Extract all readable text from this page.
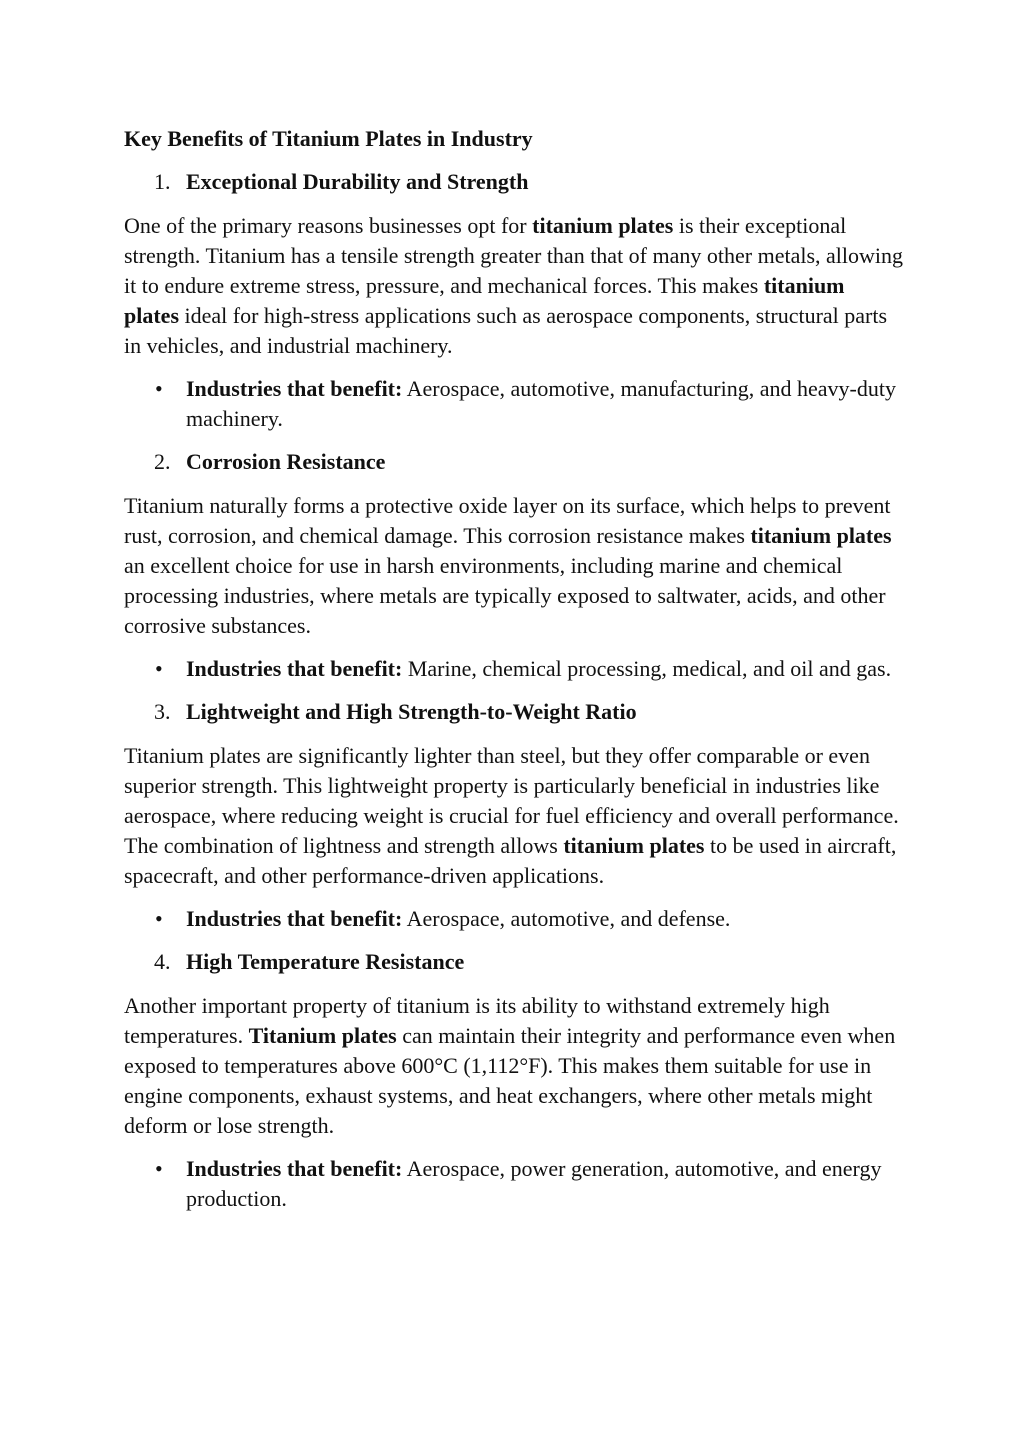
Key Benefits of Titanium Plates in Industry
1. Exceptional Durability and Strength
One of the primary reasons businesses opt for titanium plates is their exceptional strength. Titanium has a tensile strength greater than that of many other metals, allowing it to endure extreme stress, pressure, and mechanical forces. This makes titanium plates ideal for high-stress applications such as aerospace components, structural parts in vehicles, and industrial machinery.
• Industries that benefit: Aerospace, automotive, manufacturing, and heavy-duty machinery.
2. Corrosion Resistance
Titanium naturally forms a protective oxide layer on its surface, which helps to prevent rust, corrosion, and chemical damage. This corrosion resistance makes titanium plates an excellent choice for use in harsh environments, including marine and chemical processing industries, where metals are typically exposed to saltwater, acids, and other corrosive substances.
• Industries that benefit: Marine, chemical processing, medical, and oil and gas.
3. Lightweight and High Strength-to-Weight Ratio
Titanium plates are significantly lighter than steel, but they offer comparable or even superior strength. This lightweight property is particularly beneficial in industries like aerospace, where reducing weight is crucial for fuel efficiency and overall performance. The combination of lightness and strength allows titanium plates to be used in aircraft, spacecraft, and other performance-driven applications.
• Industries that benefit: Aerospace, automotive, and defense.
4. High Temperature Resistance
Another important property of titanium is its ability to withstand extremely high temperatures. Titanium plates can maintain their integrity and performance even when exposed to temperatures above 600°C (1,112°F). This makes them suitable for use in engine components, exhaust systems, and heat exchangers, where other metals might deform or lose strength.
• Industries that benefit: Aerospace, power generation, automotive, and energy production.
